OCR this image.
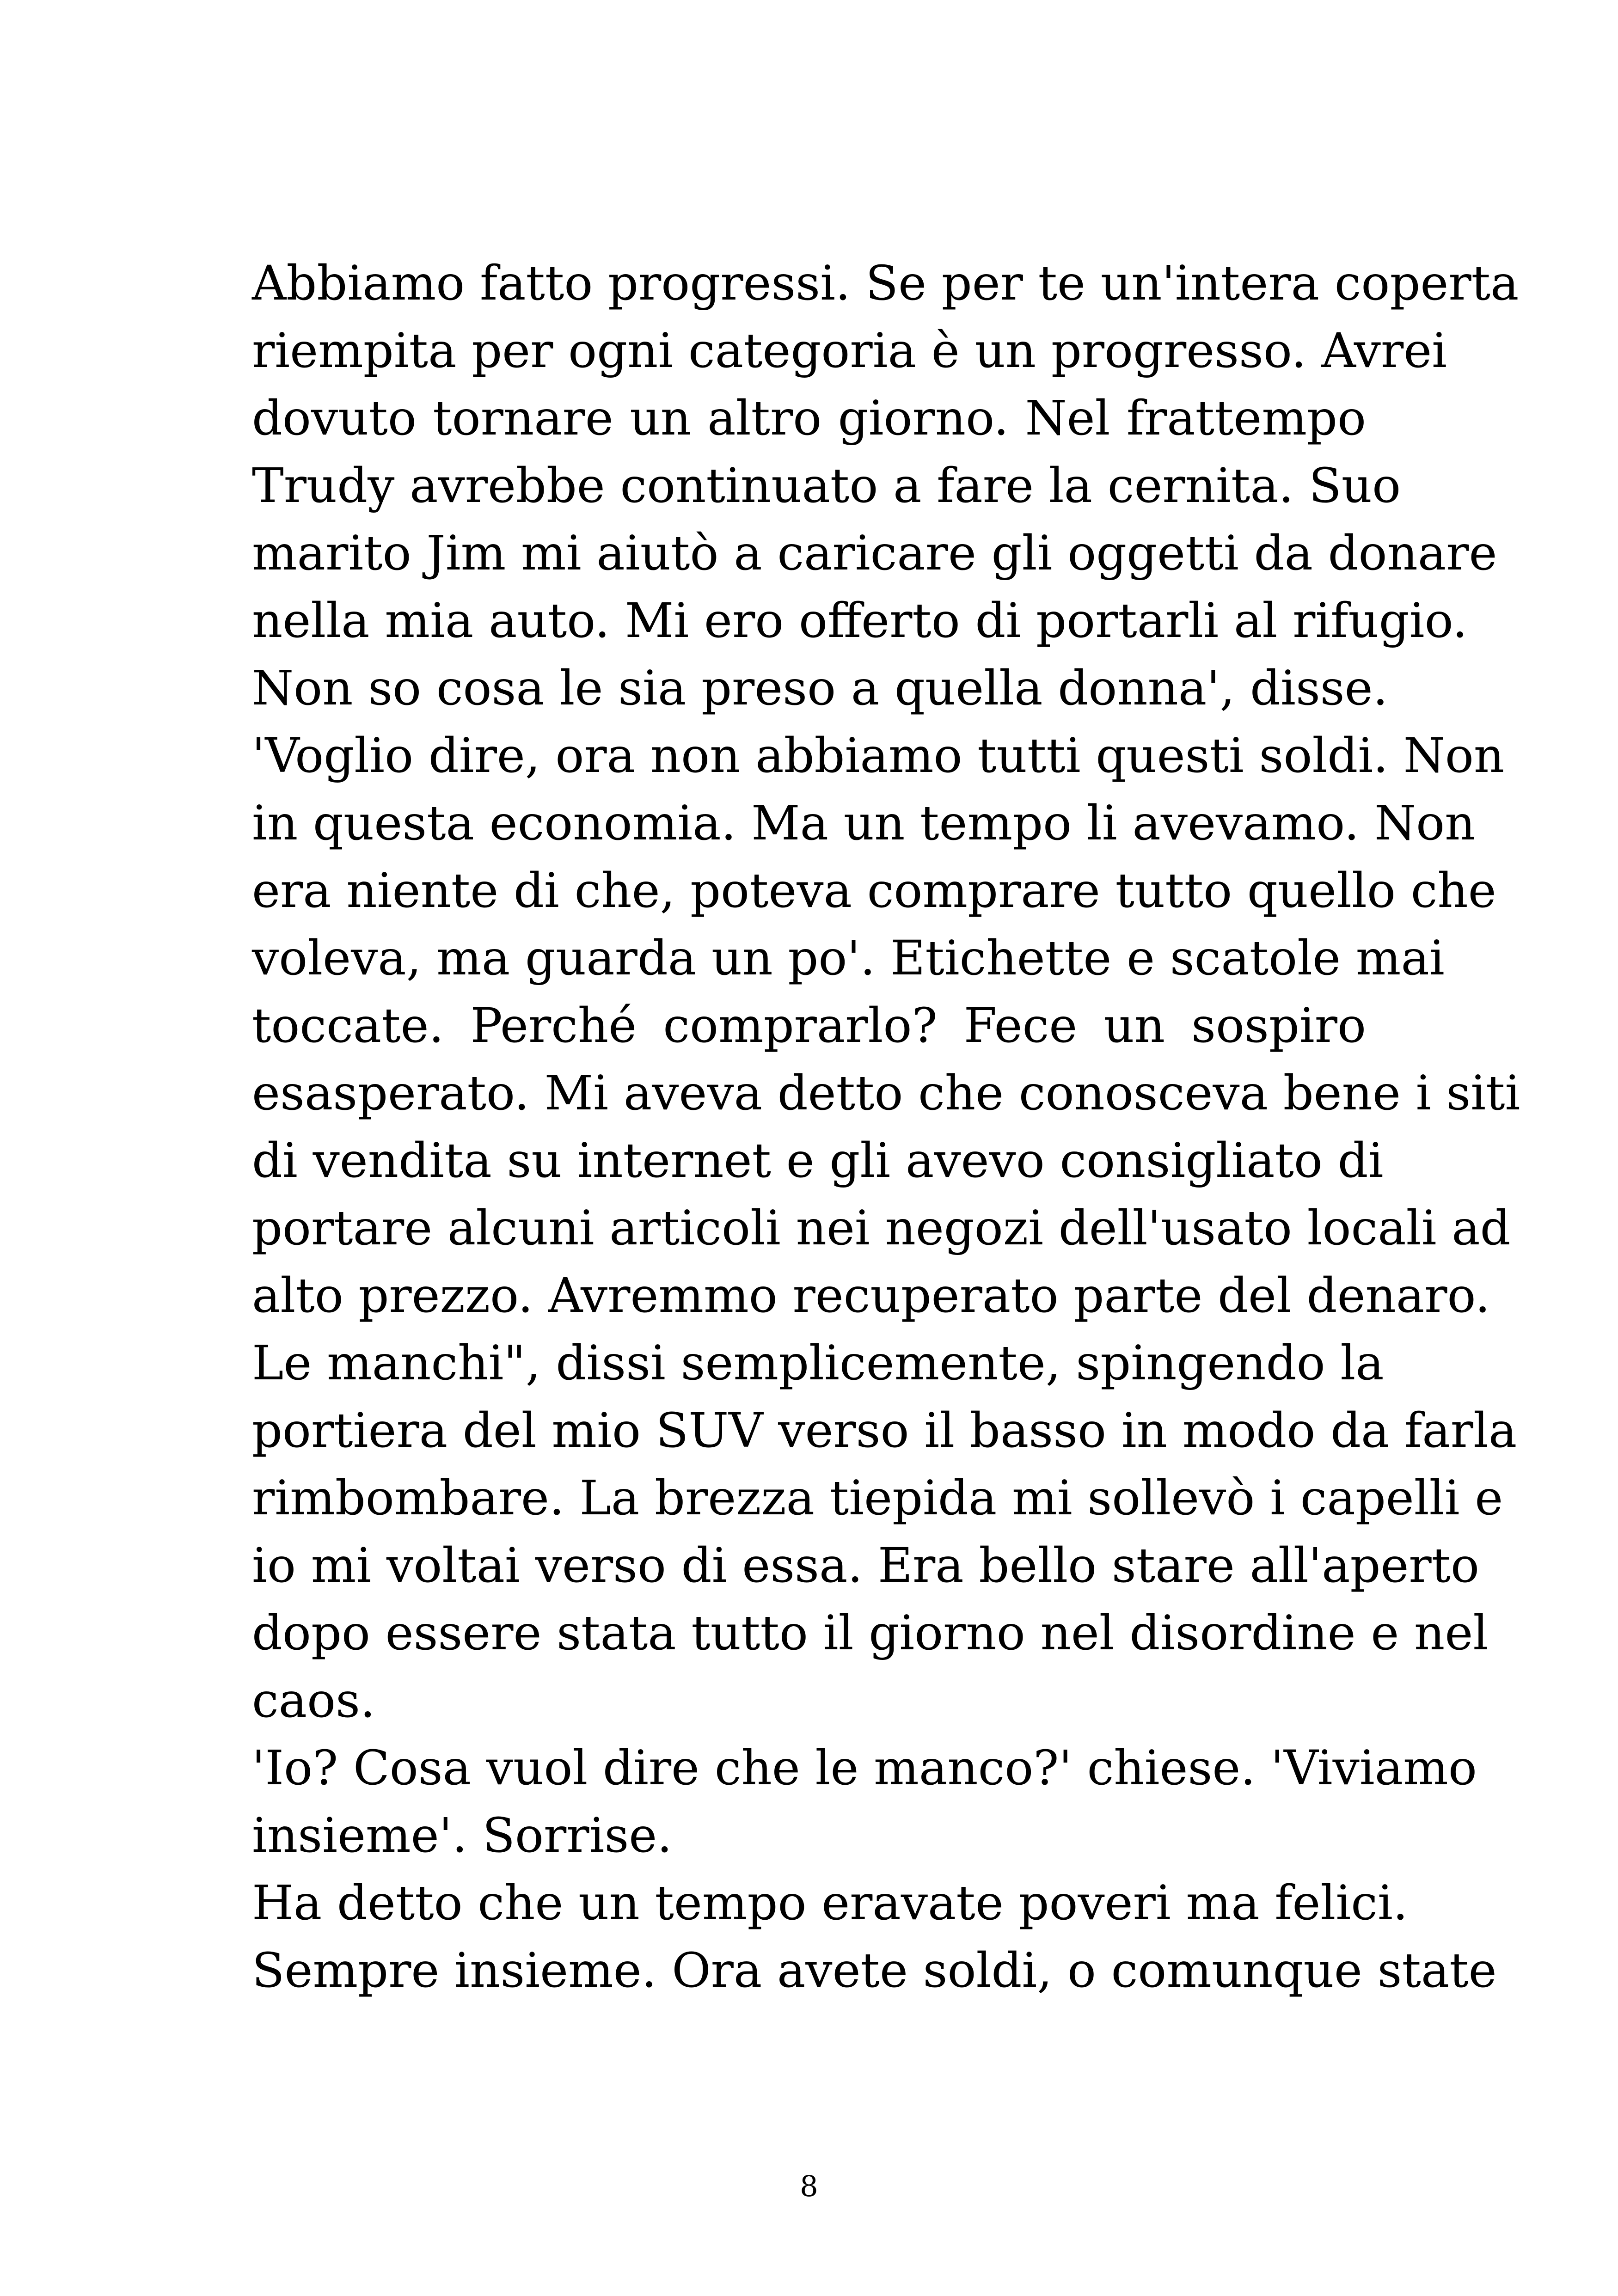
Abbiamo fatto progressi. Se per te un'intera coperta
riempita per ogni categoria è un progresso. Avrei
dovuto tornare un altro giorno. Nel frattempo
Trudy avrebbe continuato a fare la cernita. Suo
marito Jim mi aiutò a caricare gli oggetti da donare
nella mia auto. Mi ero offerto di portarli al rifugio.
Non so cosa le sia preso a quella donna', disse.
'Voglio dire, ora non abbiamo tutti questi soldi. Non
in questa economia. Ma un tempo li avevamo. Non
era niente di che, poteva comprare tutto quello che
voleva, ma guarda un po'. Etichette e scatole mai
toccate. Perché comprarlo? Fece un sospiro
esasperato. Mi aveva detto che conosceva bene i siti
di vendita su internet e gli avevo consigliato di
portare alcuni articoli nei negozi dell'usato locali ad
alto prezzo. Avremmo recuperato parte del denaro.
Le manchi", dissi semplicemente, spingendo la
portiera del mio SUV verso il basso in modo da farla
rimbombare. La brezza tiepida mi sollevò i capelli e
io mi voltai verso di essa. Era bello stare all'aperto
dopo essere stata tutto il giorno nel disordine e nel
caos.
'Io? Cosa vuol dire che le manco?' chiese. 'Viviamo
insieme'. Sorrise.
Ha detto che un tempo eravate poveri ma felici.
Sempre insieme. Ora avete soldi, o comunque state
8
